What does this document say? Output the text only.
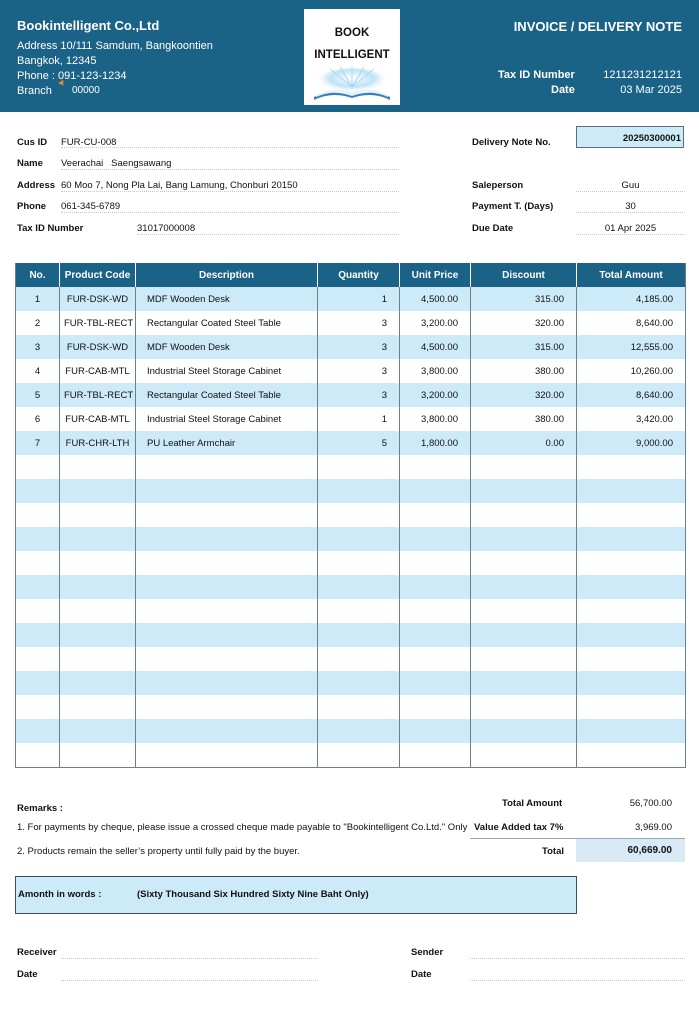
Bookintelligent Co.,Ltd
Address 10/111 Samdum, Bangkoontien
Bangkok, 12345
Phone : 091-123-1234
Branch 00000
BOOK
INTELLIGENT
INVOICE / DELIVERY NOTE
Tax ID Number	1211231212121
Date	03 Mar 2025
Cus ID FUR-CU-008
Name Veerachai   Saengsawang
Address 60 Moo 7, Nong Pla Lai, Bang Lamung, Chonburi 20150
Phone 061-345-6789
Tax ID Number	31017000008
Delivery Note No.	20250300001
Saleperson	Guu
Payment T. (Days)	30
Due Date	01 Apr 2025
No.	Product Code	Description	Quantity	Unit Price	Discount	Total Amount
1	FUR-DSK-WD	MDF Wooden Desk	1	4,500.00	315.00	4,185.00
2	FUR-TBL-RECT	Rectangular Coated Steel Table	3	3,200.00	320.00	8,640.00
3	FUR-DSK-WD	MDF Wooden Desk	3	4,500.00	315.00	12,555.00
4	FUR-CAB-MTL	Industrial Steel Storage Cabinet	3	3,800.00	380.00	10,260.00
5	FUR-TBL-RECT	Rectangular Coated Steel Table	3	3,200.00	320.00	8,640.00
6	FUR-CAB-MTL	Industrial Steel Storage Cabinet	1	3,800.00	380.00	3,420.00
7	FUR-CHR-LTH	PU Leather Armchair	5	1,800.00	0.00	9,000.00

Remarks :
1. For payments by cheque, please issue a crossed cheque made payable to "Bookintelligent Co.Ltd." Only
2. Products remain the seller’s property until fully paid by the buyer.
Total Amount	56,700.00
Value Added tax 7%	3,969.00
Total	60,669.00
Amonth in words :	(Sixty Thousand Six Hundred Sixty Nine Baht Only)
Receiver
Date
Sender
Date
